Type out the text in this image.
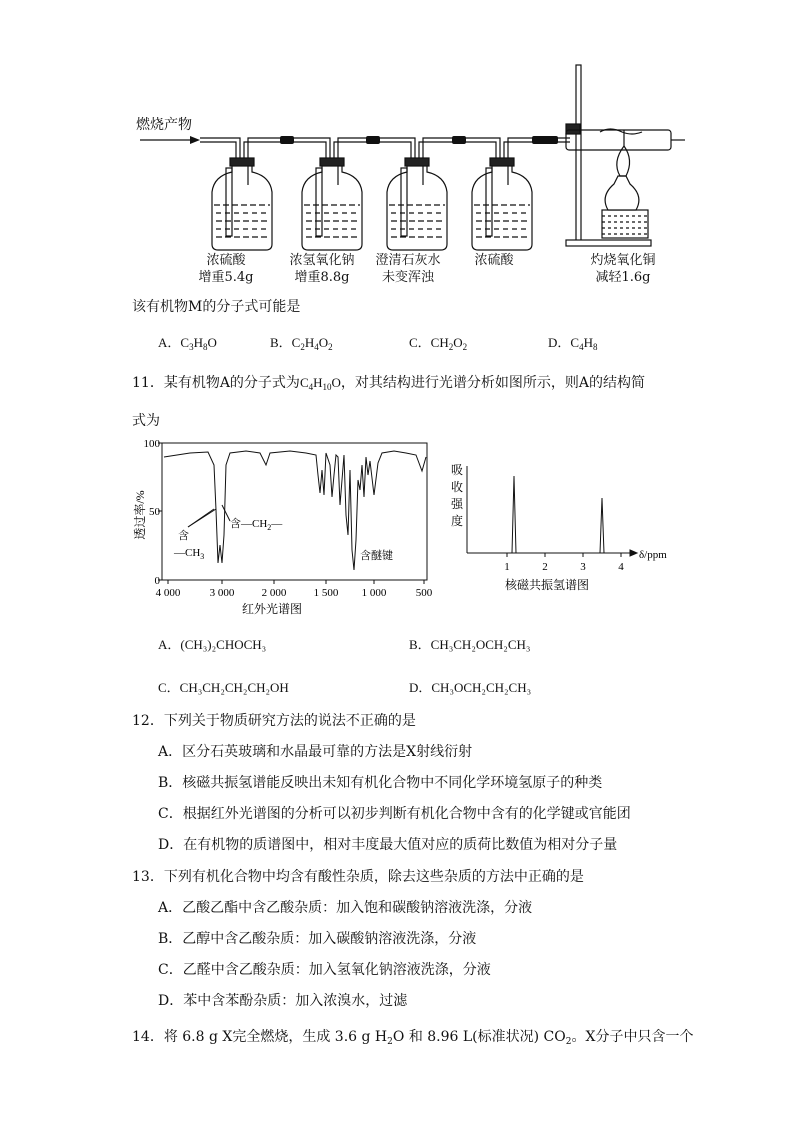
燃烧产物
浓硫酸
增重5.4g
浓氢氧化钠
增重8.8g
澄清石灰水
未变浑浊
浓硫酸	灼烧氧化铜
减轻1.6g
该有机物M的分子式可能是
A．$C_3H_8O$	B．$C_2H_4O_2$	C．$CH_2O_2$	D．$C_4H_8$
11．某有机物A的分子式为$C_4H_{10}O$，对其结构进行光谱分析如图所示，则A的结构简
式为
100
50
0
透过率/%
4 000	3 000 2 000 1 500 1 000	500
红外光谱图
含
$—CH_3$
含$—CH_2—$
含醚键
吸
收
强
度
1	2	3	4
δ/ppm
核磁共振氢谱图
A．(CH₃)₂CHOCH₃	B．CH₃CH₂OCH₂CH₃
C．CH₃CH₂CH₂CH₂OH	D．CH₃OCH₂CH₂CH₃
12．下列关于物质研究方法的说法不正确的是
A．区分石英玻璃和水晶最可靠的方法是X射线衍射
B．核磁共振氢谱能反映出未知有机化合物中不同化学环境氢原子的种类
C．根据红外光谱图的分析可以初步判断有机化合物中含有的化学键或官能团
D．在有机物的质谱图中，相对丰度最大值对应的质荷比数值为相对分子量
13．下列有机化合物中均含有酸性杂质，除去这些杂质的方法中正确的是
A．乙酸乙酯中含乙酸杂质：加入饱和碳酸钠溶液洗涤，分液
B．乙醇中含乙酸杂质：加入碳酸钠溶液洗涤，分液
C．乙醛中含乙酸杂质：加入氢氧化钠溶液洗涤，分液
D．苯中含苯酚杂质：加入浓溴水，过滤
14．将 6.8 g X完全燃烧，生成 3.6 g $H_2O$ 和 8.96 L(标准状况) $CO_2$。X分子中只含一个
